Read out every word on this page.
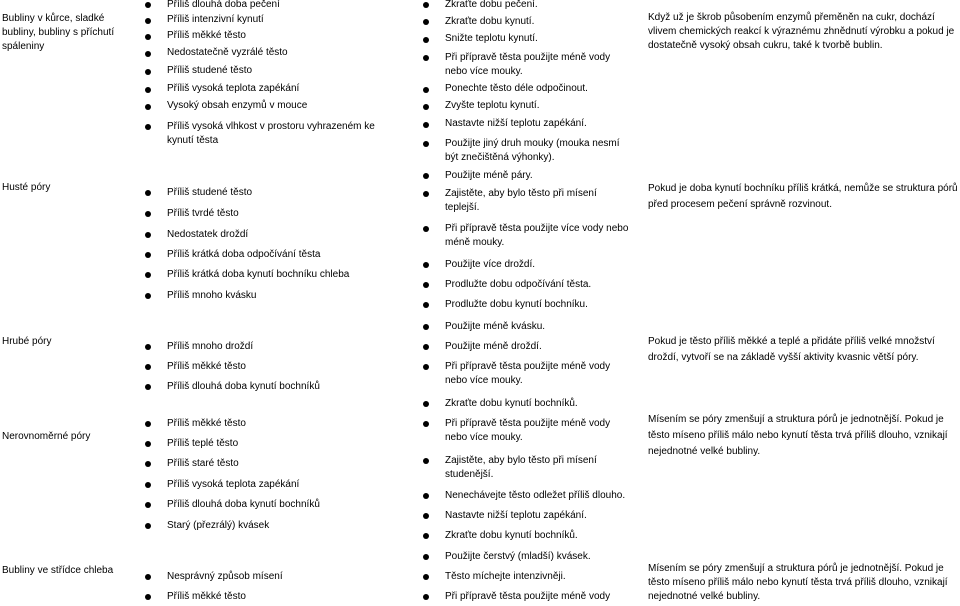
Bubliny v kůrce, sladké bubliny, bubliny s příchutí spáleniny
Příliš dlouhá doba pečení
Příliš intenzivní kynutí
Příliš měkké těsto
Nedostatečně vyzrálé těsto
Příliš studené těsto
Příliš vysoká teplota zapékání
Vysoký obsah enzymů v mouce
Příliš vysoká vlhkost v prostoru vyhrazeném ke kynutí těsta
Zkraťte dobu pečení.
Zkraťte dobu kynutí.
Snižte teplotu kynutí.
Při přípravě těsta použijte méně vody nebo více mouky.
Ponechte těsto déle odpočinout.
Zvyšte teplotu kynutí.
Nastavte nižší teplotu zapékání.
Použijte jiný druh mouky (mouka nesmí být znečištěná výhonky).
Když už je škrob působením enzymů přeměněn na cukr, dochází vlivem chemických reakcí k výraznému zhnědnutí výrobku a pokud je dostatečně vysoký obsah cukru, také k tvorbě bublin.
Husté póry	Příliš studené těsto
Příliš tvrdé těsto
Nedostatek droždí
Příliš krátká doba odpočívání těsta
Příliš krátká doba kynutí bochníku chleba
Příliš mnoho kvásku
Použijte méně páry.
Zajistěte, aby bylo těsto při mísení teplejší.
Při přípravě těsta použijte více vody nebo méně mouky.
Použijte více droždí.
Prodlužte dobu odpočívání těsta.
Prodlužte dobu kynutí bochníku.
Pokud je doba kynutí bochníku příliš krátká, nemůže se struktura pórů před procesem pečení správně rozvinout.
Hrubé póry	Příliš mnoho droždí
Příliš měkké těsto
Příliš dlouhá doba kynutí bochníků
Použijte méně kvásku.
Použijte méně droždí.
Při přípravě těsta použijte méně vody nebo více mouky.
Zkraťte dobu kynutí bochníků.
Pokud je těsto příliš měkké a teplé a přidáte příliš velké množství droždí, vytvoří se na základě vyšší aktivity kvasnic větší póry.
Nerovnoměrné póry
Příliš měkké těsto
Příliš teplé těsto
Příliš staré těsto
Příliš vysoká teplota zapékání
Příliš dlouhá doba kynutí bochníků
Starý (přezrálý) kvásek
Při přípravě těsta použijte méně vody nebo více mouky.
Zajistěte, aby bylo těsto při mísení studenější.
Nenechávejte těsto odležet příliš dlouho.
Nastavte nižší teplotu zapékání.
Zkraťte dobu kynutí bochníků.
Použijte čerstvý (mladší) kvásek.
Mísením se póry zmenšují a struktura pórů je jednotnější. Pokud je těsto míseno příliš málo nebo kynutí těsta trvá příliš dlouho, vznikají nejednotné velké bubliny.
Bubliny ve střídce chleba
Nesprávný způsob mísení
Příliš měkké těsto
Těsto míchejte intenzivněji.
Při přípravě těsta použijte méně vody
Mísením se póry zmenšují a struktura pórů je jednotnější. Pokud je těsto míseno příliš málo nebo kynutí těsta trvá příliš dlouho, vznikají nejednotné velké bubliny.
